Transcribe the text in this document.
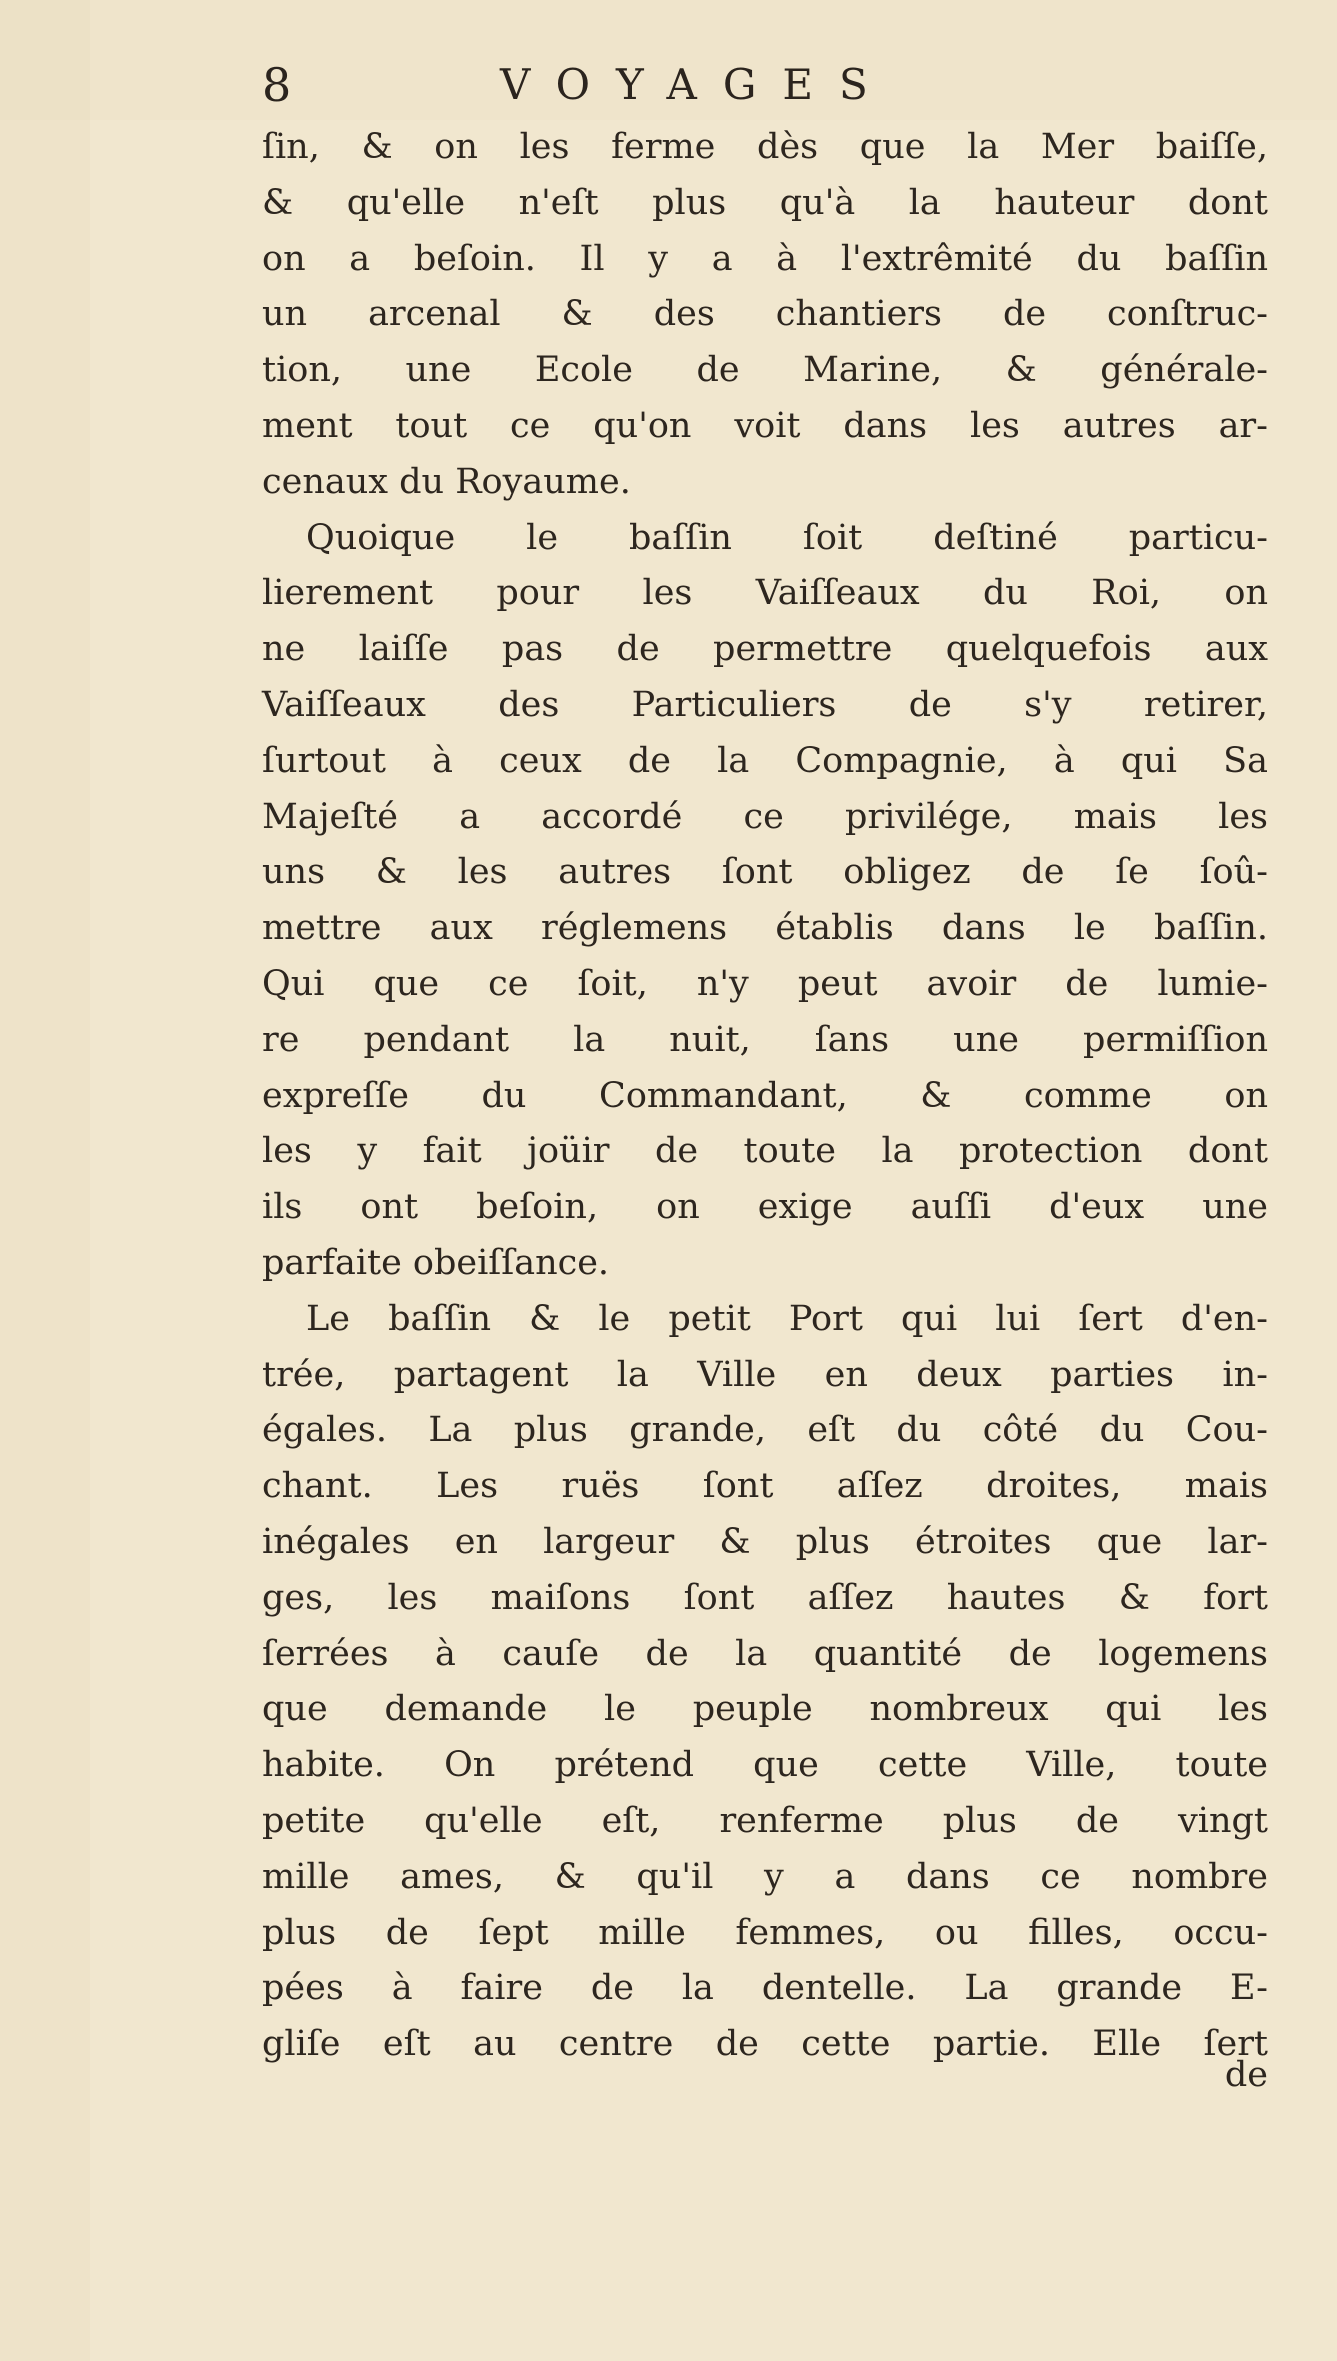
8	VOYAGES
ſin, & on les ferme dès que la Mer baiſſe,
& qu'elle n'eſt plus qu'à la hauteur dont
on a beſoin. Il y a à l'extrêmité du baſſin
un arcenal & des chantiers de conſtruc-
tion, une Ecole de Marine, & générale-
ment tout ce qu'on voit dans les autres ar-
cenaux du Royaume.
Quoique le baſſin ſoit deſtiné particu-
lierement pour les Vaiſſeaux du Roi, on
ne laiſſe pas de permettre quelquefois aux
Vaiſſeaux des Particuliers de s'y retirer,
ſurtout à ceux de la Compagnie, à qui Sa
Majeſté a accordé ce privilége, mais les
uns & les autres ſont obligez de ſe ſoû-
mettre aux réglemens établis dans le baſſin.
Qui que ce ſoit, n'y peut avoir de lumie-
re pendant la nuit, ſans une permiſſion
expreſſe du Commandant, & comme on
les y fait joüir de toute la protection dont
ils ont beſoin, on exige auſſi d'eux une
parfaite obeiſſance.
Le baſſin & le petit Port qui lui ſert d'en-
trée, partagent la Ville en deux parties in-
égales. La plus grande, eſt du côté du Cou-
chant. Les ruës ſont aſſez droites, mais
inégales en largeur & plus étroites que lar-
ges, les maiſons ſont aſſez hautes & fort
ſerrées à cauſe de la quantité de logemens
que demande le peuple nombreux qui les
habite. On prétend que cette Ville, toute
petite qu'elle eſt, renferme plus de vingt
mille ames, & qu'il y a dans ce nombre
plus de ſept mille femmes, ou filles, occu-
pées à faire de la dentelle. La grande E-
gliſe eſt au centre de cette partie. Elle ſert
de
